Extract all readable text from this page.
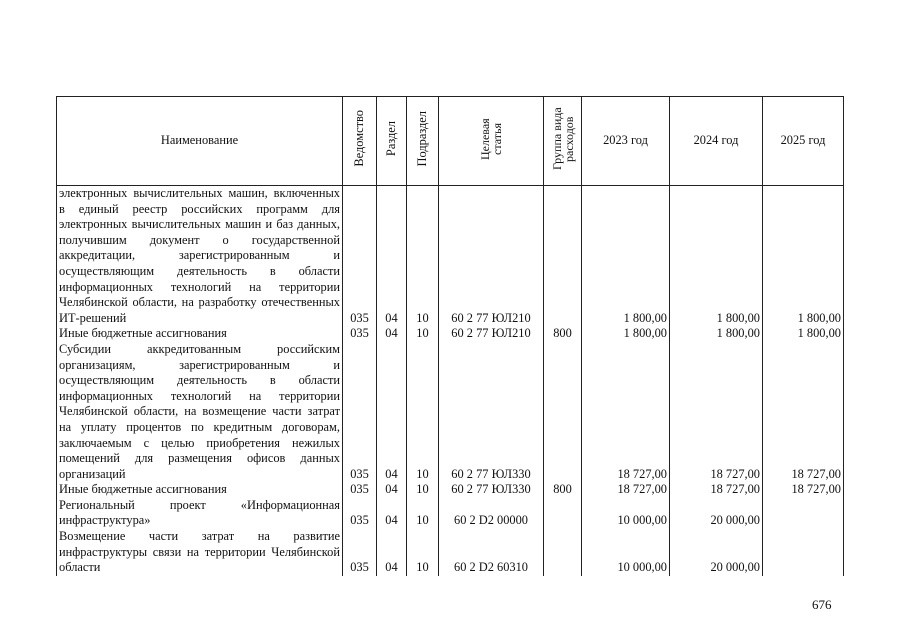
Наименование	Ведомство	Раздел	Подраздел	Целевая статья	Группа вида расходов	2023 год	2024 год	2025 год
электронных вычислительных машин, включенных в единый реестр российских программ для электронных вычислительных машин и баз данных, получившим документ о государственной аккредитации, зарегистрированным и осуществляющим деятельность в области информационных технологий на территории Челябинской области, на разработку отечественных ИТ-решений	035	04	10	60 2 77 ЮЛ210		1 800,00	1 800,00	1 800,00
Иные бюджетные ассигнования	035	04	10	60 2 77 ЮЛ210	800	1 800,00	1 800,00	1 800,00
Субсидии аккредитованным российским организациям, зарегистрированным и осуществляющим деятельность в области информационных технологий на территории Челябинской области, на возмещение части затрат на уплату процентов по кредитным договорам, заключаемым с целью приобретения нежилых помещений для размещения офисов данных организаций	035	04	10	60 2 77 ЮЛ330		18 727,00	18 727,00	18 727,00
Иные бюджетные ассигнования	035	04	10	60 2 77 ЮЛ330	800	18 727,00	18 727,00	18 727,00
Региональный проект «Информационная инфраструктура»	035	04	10	60 2 D2 00000		10 000,00	20 000,00	
Возмещение части затрат на развитие инфраструктуры связи на территории Челябинской области	035	04	10	60 2 D2 60310		10 000,00	20 000,00	
676
